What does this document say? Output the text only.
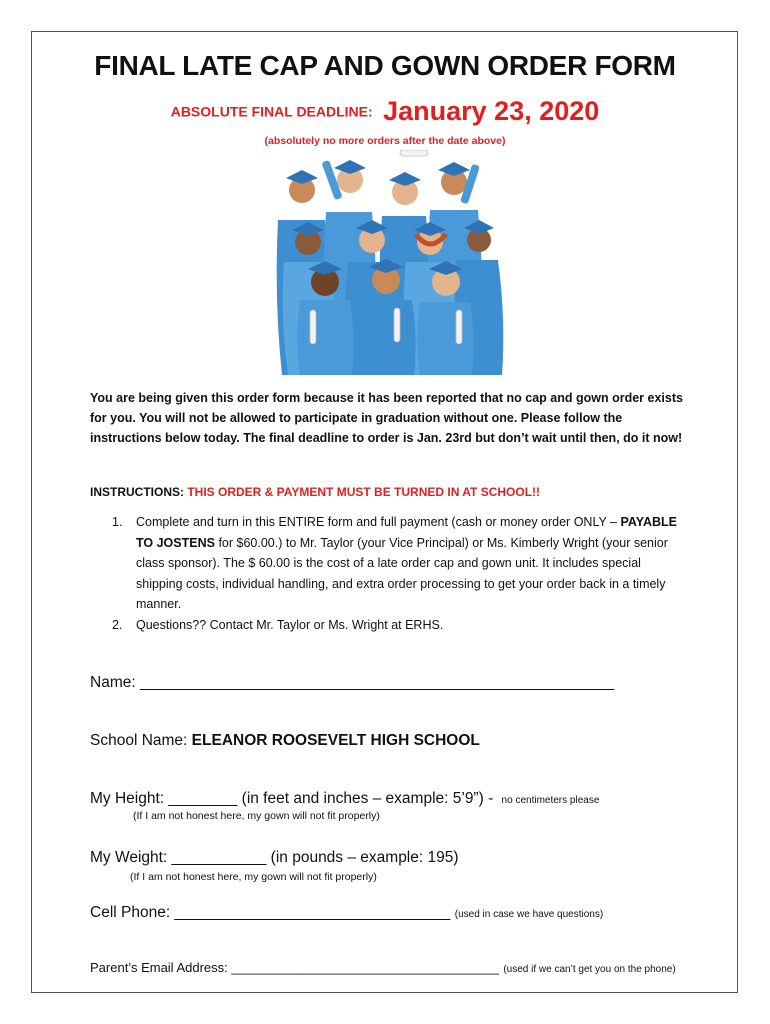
FINAL LATE CAP AND GOWN ORDER FORM
ABSOLUTE FINAL DEADLINE: January 23, 2020
(absolutely no more orders after the date above)
You are being given this order form because it has been reported that no cap and gown order exists for you. You will not be allowed to participate in graduation without one. Please follow the instructions below today. The final deadline to order is Jan. 23rd but don’t wait until then, do it now!
INSTRUCTIONS: THIS ORDER & PAYMENT MUST BE TURNED IN AT SCHOOL!!
1. Complete and turn in this ENTIRE form and full payment (cash or money order ONLY – PAYABLE TO JOSTENS for $60.00.) to Mr. Taylor (your Vice Principal) or Ms. Kimberly Wright (your senior class sponsor). The $ 60.00 is the cost of a late order cap and gown unit. It includes special shipping costs, individual handling, and extra order processing to get your order back in a timely manner.
2. Questions?? Contact Mr. Taylor or Ms. Wright at ERHS.
Name: _______________________________________________________
School Name: ELEANOR ROOSEVELT HIGH SCHOOL
My Height: ________ (in feet and inches – example: 5’9”) - no centimeters please
(If I am not honest here, my gown will not fit properly)
My Weight: ___________ (in pounds – example: 195)
(If I am not honest here, my gown will not fit properly)
Cell Phone: ________________________________ (used in case we have questions)
Parent’s Email Address: _____________________________________ (used if we can’t get you on the phone)
